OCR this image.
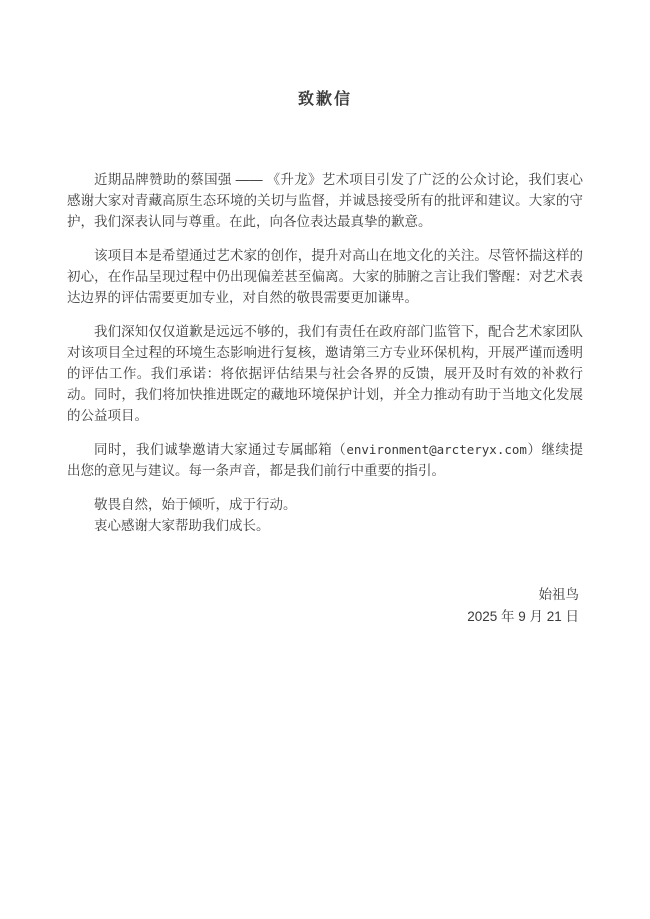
致歉信

近期品牌赞助的蔡国强 —— 《升龙》艺术项目引发了广泛的公众讨论，我们衷心感谢大家对青藏高原生态环境的关切与监督，并诚恳接受所有的批评和建议。大家的守护，我们深表认同与尊重。在此，向各位表达最真挚的歉意。

该项目本是希望通过艺术家的创作，提升对高山在地文化的关注。尽管怀揣这样的初心，在作品呈现过程中仍出现偏差甚至偏离。大家的肺腑之言让我们警醒：对艺术表达边界的评估需要更加专业，对自然的敬畏需要更加谦卑。

我们深知仅仅道歉是远远不够的，我们有责任在政府部门监管下，配合艺术家团队对该项目全过程的环境生态影响进行复核，邀请第三方专业环保机构，开展严谨而透明的评估工作。我们承诺：将依据评估结果与社会各界的反馈，展开及时有效的补救行动。同时，我们将加快推进既定的藏地环境保护计划，并全力推动有助于当地文化发展的公益项目。

同时，我们诚挚邀请大家通过专属邮箱（environment@arcteryx.com）继续提出您的意见与建议。每一条声音，都是我们前行中重要的指引。

敬畏自然，始于倾听，成于行动。

衷心感谢大家帮助我们成长。

始祖鸟
2025 年 9 月 21 日
